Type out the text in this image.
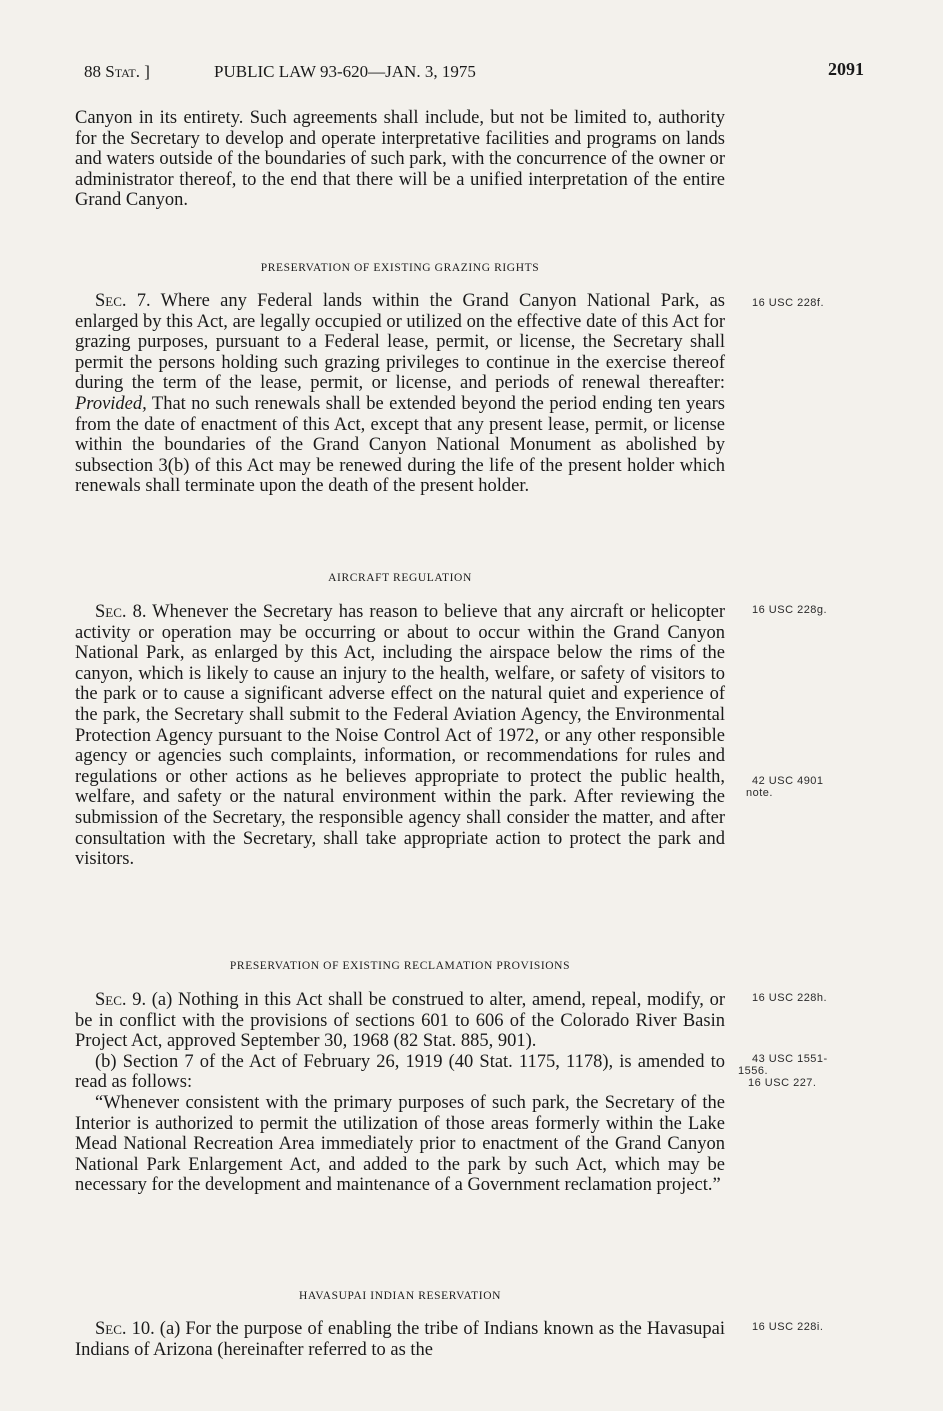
88 Stat. ]	PUBLIC LAW 93-620—JAN. 3, 1975	2091

Canyon in its entirety. Such agreements shall include, but not be limited to, authority for the Secretary to develop and operate interpretative facilities and programs on lands and waters outside of the boundaries of such park, with the concurrence of the owner or administrator thereof, to the end that there will be a unified interpretation of the entire Grand Canyon.

PRESERVATION OF EXISTING GRAZING RIGHTS

Sec. 7. Where any Federal lands within the Grand Canyon National Park, as enlarged by this Act, are legally occupied or utilized on the effective date of this Act for grazing purposes, pursuant to a Federal lease, permit, or license, the Secretary shall permit the persons holding such grazing privileges to continue in the exercise thereof during the term of the lease, permit, or license, and periods of renewal thereafter: Provided, That no such renewals shall be extended beyond the period ending ten years from the date of enactment of this Act, except that any present lease, permit, or license within the boundaries of the Grand Canyon National Monument as abolished by subsection 3(b) of this Act may be renewed during the life of the present holder which renewals shall terminate upon the death of the present holder.

16 USC 228f.
AIRCRAFT REGULATION

Sec. 8. Whenever the Secretary has reason to believe that any aircraft or helicopter activity or operation may be occurring or about to occur within the Grand Canyon National Park, as enlarged by this Act, including the airspace below the rims of the canyon, which is likely to cause an injury to the health, welfare, or safety of visitors to the park or to cause a significant adverse effect on the natural quiet and experience of the park, the Secretary shall submit to the Federal Aviation Agency, the Environmental Protection Agency pursuant to the Noise Control Act of 1972, or any other responsible agency or agencies such complaints, information, or recommendations for rules and regulations or other actions as he believes appropriate to protect the public health, welfare, and safety or the natural environment within the park. After reviewing the submission of the Secretary, the responsible agency shall consider the matter, and after consultation with the Secretary, shall take appropriate action to protect the park and visitors.

16 USC 228g.
42 USC 4901
note.
PRESERVATION OF EXISTING RECLAMATION PROVISIONS

Sec. 9. (a) Nothing in this Act shall be construed to alter, amend, repeal, modify, or be in conflict with the provisions of sections 601 to 606 of the Colorado River Basin Project Act, approved September 30, 1968 (82 Stat. 885, 901).

(b) Section 7 of the Act of February 26, 1919 (40 Stat. 1175, 1178), is amended to read as follows:

“Whenever consistent with the primary purposes of such park, the Secretary of the Interior is authorized to permit the utilization of those areas formerly within the Lake Mead National Recreation Area immediately prior to enactment of the Grand Canyon National Park Enlargement Act, and added to the park by such Act, which may be necessary for the development and maintenance of a Government reclamation project.”

16 USC 228h.
43 USC 1551-
1556.
16 USC 227.
HAVASUPAI INDIAN RESERVATION

Sec. 10. (a) For the purpose of enabling the tribe of Indians known as the Havasupai Indians of Arizona (hereinafter referred to as the

16 USC 228i.
